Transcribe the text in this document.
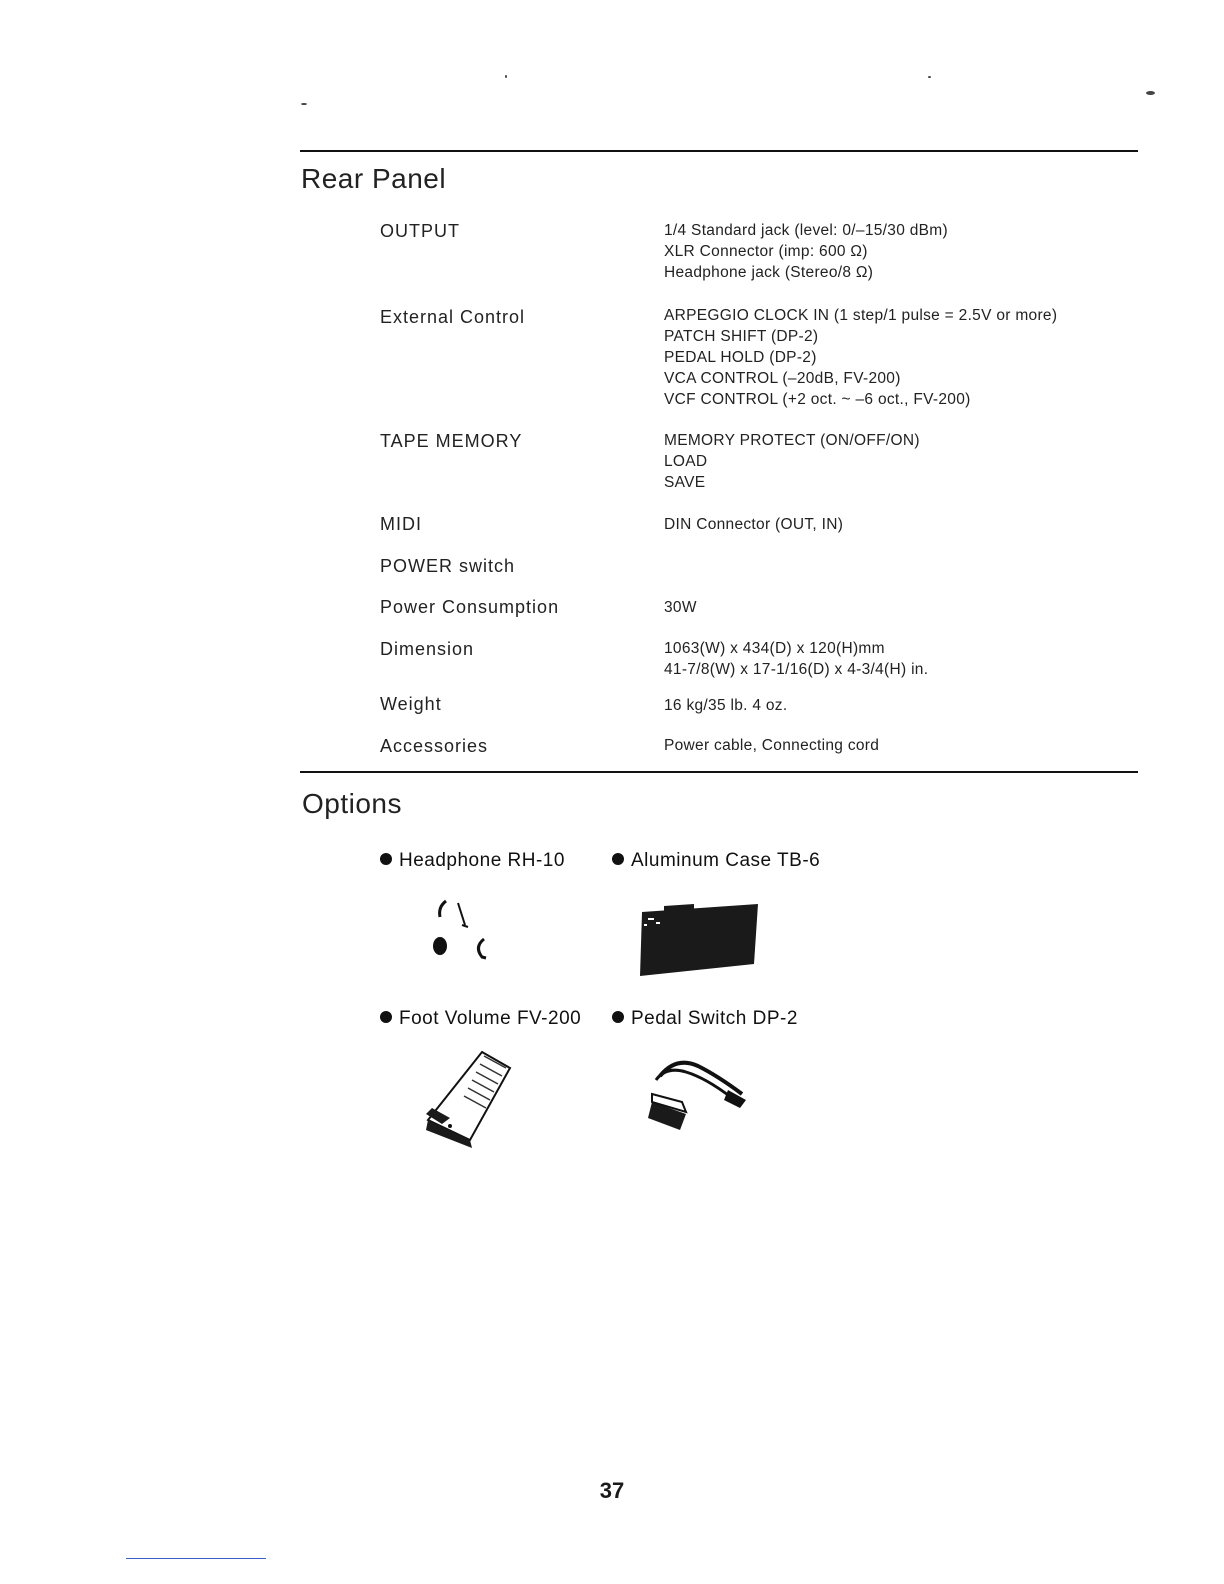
Rear Panel
OUTPUT	1/4 Standard jack (level: 0/–15/30 dBm)
XLR Connector (imp: 600 Ω)
Headphone jack (Stereo/8 Ω)
External Control	ARPEGGIO CLOCK IN (1 step/1 pulse = 2.5V or more)
PATCH SHIFT (DP-2)
PEDAL HOLD (DP-2)
VCA CONTROL (–20dB, FV-200)
VCF CONTROL (+2 oct. ~ –6 oct., FV-200)
TAPE MEMORY	MEMORY PROTECT (ON/OFF/ON)
LOAD
SAVE
MIDI	DIN Connector (OUT, IN)
POWER switch
Power Consumption	30W
Dimension	1063(W) x 434(D) x 120(H)mm
41-7/8(W) x 17-1/16(D) x 4-3/4(H) in.
Weight	16 kg/35 lb. 4 oz.
Accessories	Power cable, Connecting cord
Options
Headphone RH-10	Aluminum Case TB-6
Foot Volume FV-200	Pedal Switch DP-2
37
